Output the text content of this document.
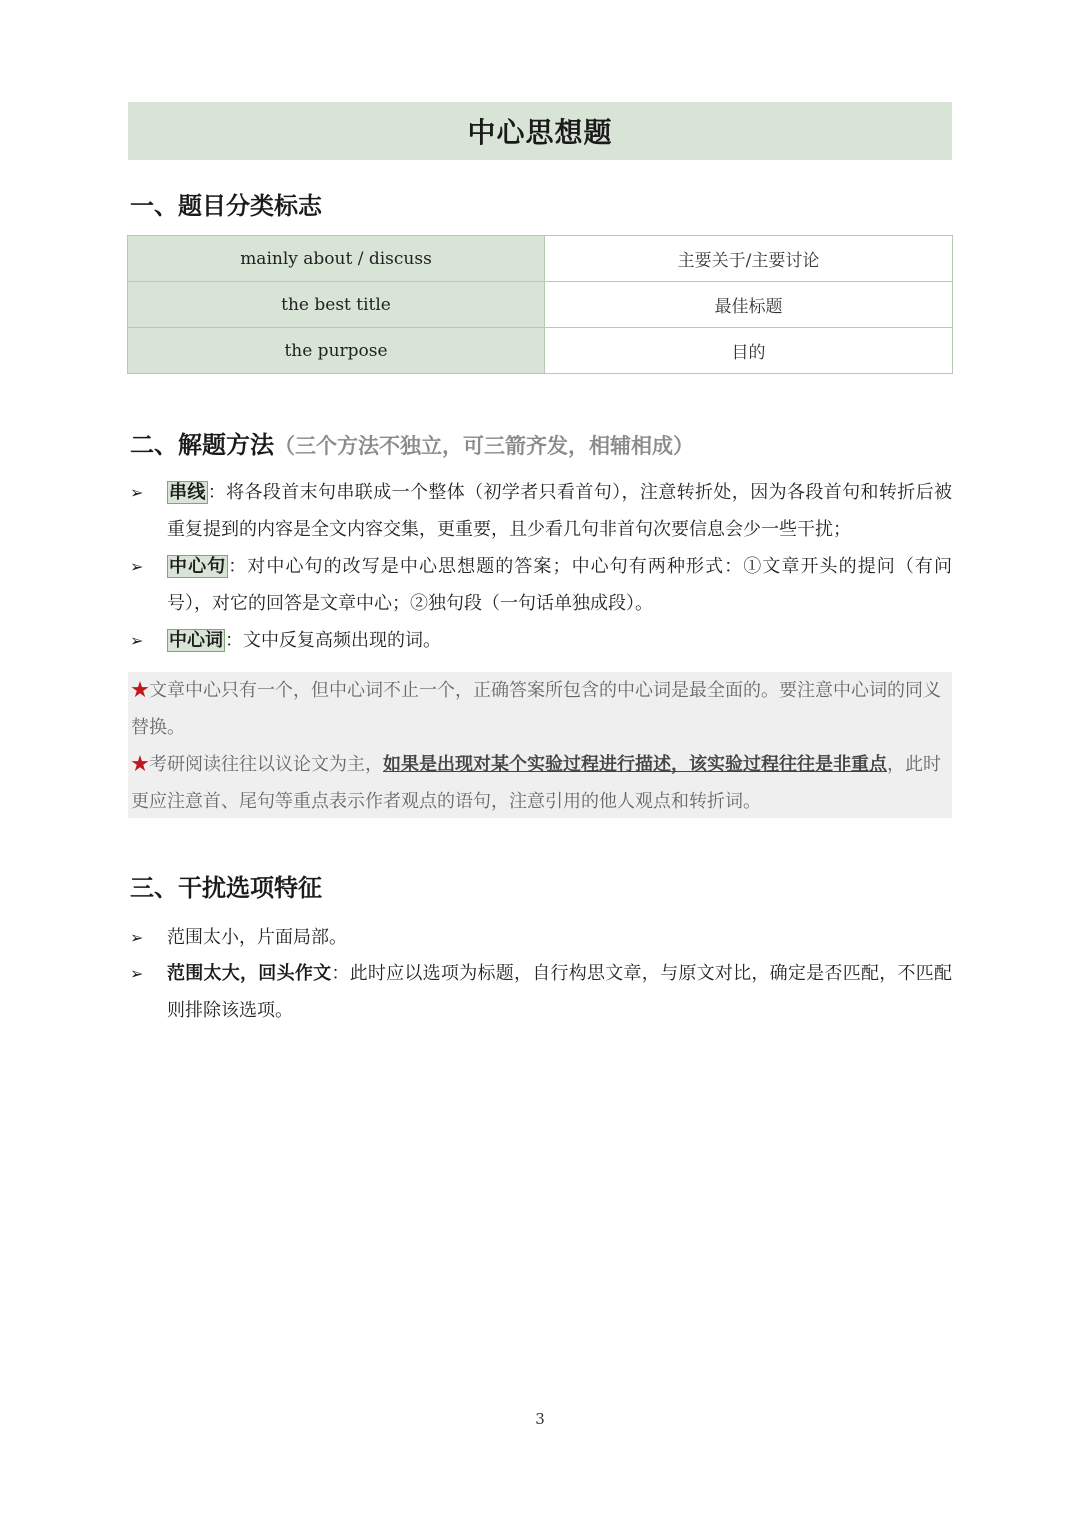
中心思想题
一、题目分类标志
mainly about / discuss	主要关于/主要讨论
the best title	最佳标题
the purpose	目的
二、解题方法（三个方法不独立，可三箭齐发，相辅相成）
➢	串线 ：将各段首末句串联成一个整体（初学者只看首句），注意转折处，因为各段首句和转折后被重复提到的内容是全文内容交集，更重要，且少看几句非首句次要信息会少一些干扰；
➢	中心句 ：对中心句的改写是中心思想题的答案；中心句有两种形式：①文章开头的提问（有问号），对它的回答是文章中心；②独句段（一句话单独成段）。
➢	中心词 ：文中反复高频出现的词。

★文章中心只有一个，但中心词不止一个，正确答案所包含的中心词是最全面的。要注意中心词的同义替换。

★考研阅读往往以议论文为主，如果是出现对某个实验过程进行描述，该实验过程往往是非重点，此时更应注意首、尾句等重点表示作者观点的语句，注意引用的他人观点和转折词。

三、干扰选项特征
➢	范围太小，片面局部。
➢	范围太大，回头作文：此时应以选项为标题，自行构思文章，与原文对比，确定是否匹配，不匹配则排除该选项。
3
